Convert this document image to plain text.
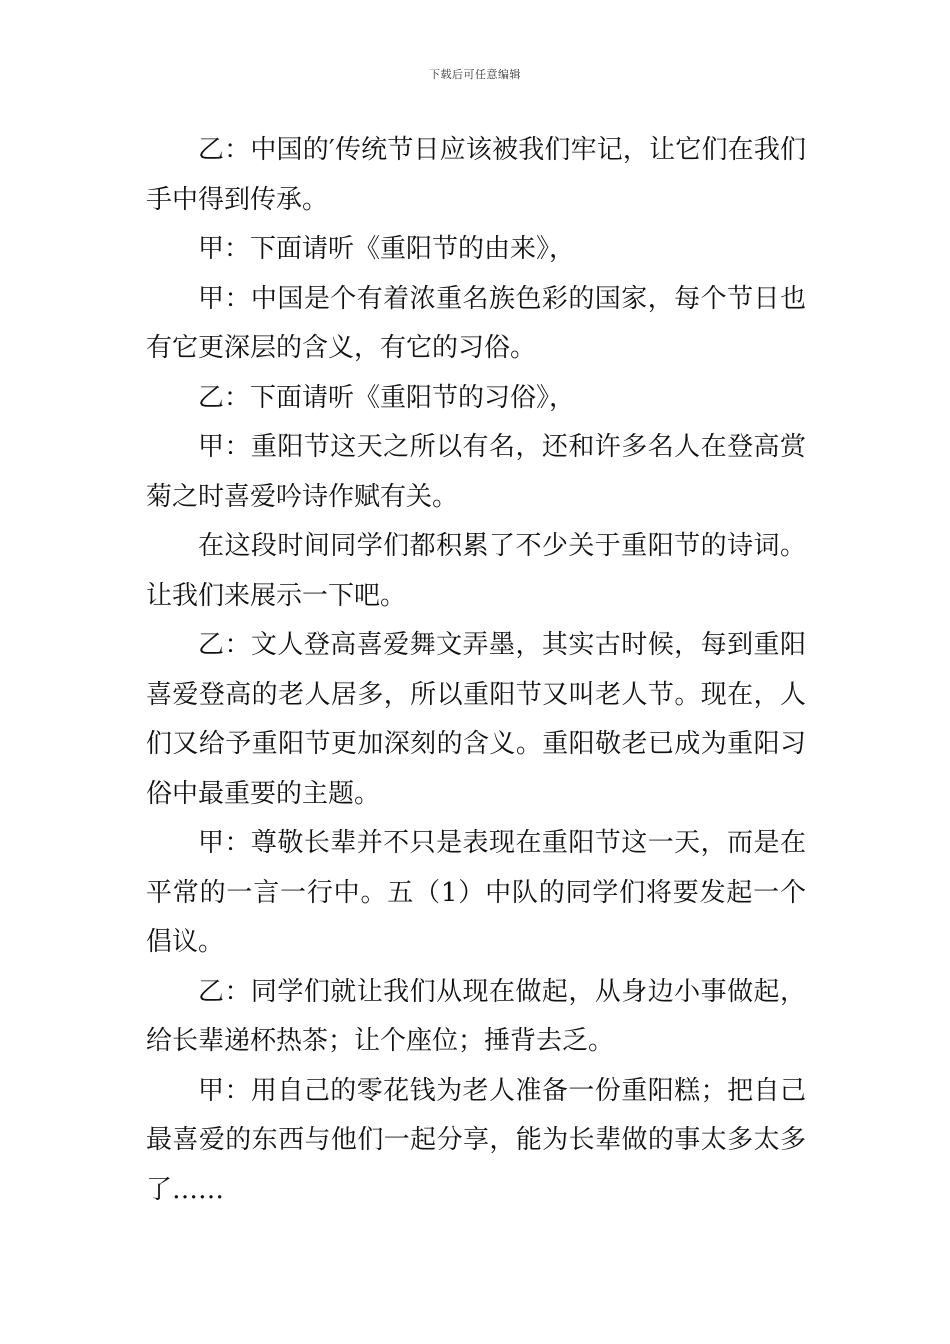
下载后可任意编辑

乙：中国的′传统节日应该被我们牢记，让它们在我们手中得到传承。

甲：下面请听《重阳节的由来》，

甲：中国是个有着浓重名族色彩的国家，每个节日也有它更深层的含义，有它的习俗。

乙：下面请听《重阳节的习俗》，

甲：重阳节这天之所以有名，还和许多名人在登高赏菊之时喜爱吟诗作赋有关。

在这段时间同学们都积累了不少关于重阳节的诗词。让我们来展示一下吧。

乙：文人登高喜爱舞文弄墨，其实古时候，每到重阳喜爱登高的老人居多，所以重阳节又叫老人节。现在，人们又给予重阳节更加深刻的含义。重阳敬老已成为重阳习俗中最重要的主题。

甲：尊敬长辈并不只是表现在重阳节这一天，而是在平常的一言一行中。五（1）中队的同学们将要发起一个倡议。

乙：同学们就让我们从现在做起，从身边小事做起，给长辈递杯热茶；让个座位；捶背去乏。

甲：用自己的零花钱为老人准备一份重阳糕；把自己最喜爱的东西与他们一起分享，能为长辈做的事太多太多了……
